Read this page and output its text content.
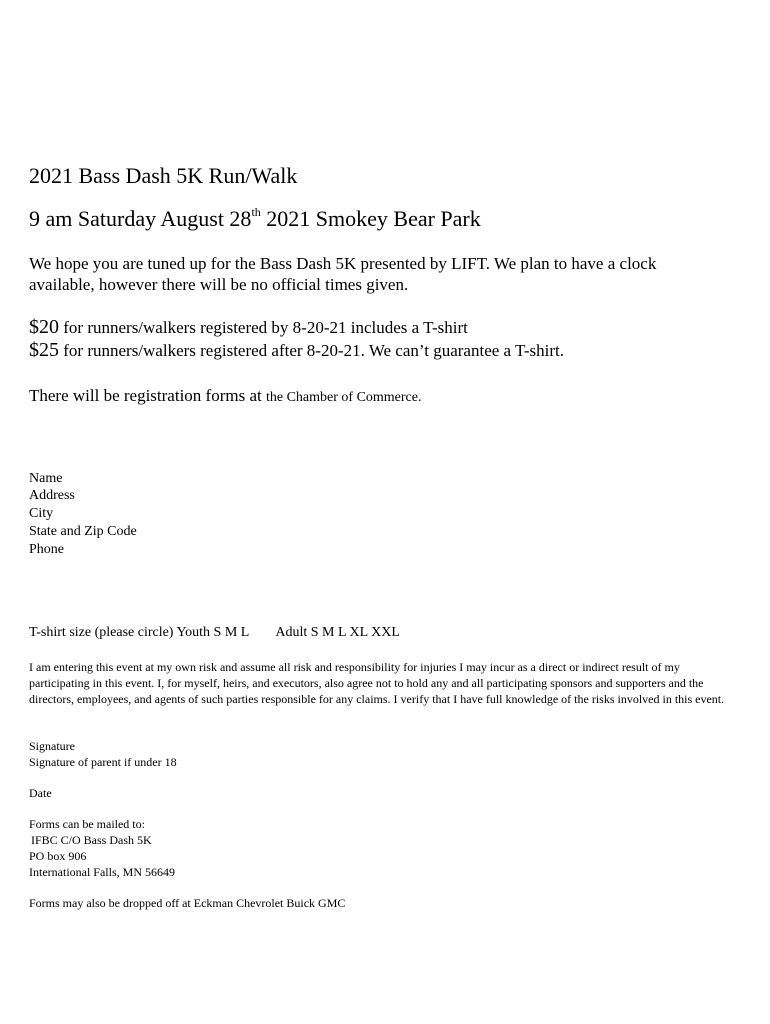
2021 Bass Dash 5K Run/Walk
9 am Saturday August 28th 2021 Smokey Bear Park
We hope you are tuned up for the Bass Dash 5K presented by LIFT. We plan to have a clock available, however there will be no official times given.
$20 for runners/walkers registered by 8-20-21 includes a T-shirt
$25 for runners/walkers registered after 8-20-21. We can’t guarantee a T-shirt.
There will be registration forms at the Chamber of Commerce.
Name
Address
City
State and Zip Code
Phone
T-shirt size (please circle) Youth S M L Adult S M L XL XXL
I am entering this event at my own risk and assume all risk and responsibility for injuries I may incur as a direct or indirect result of my participating in this event. I, for myself, heirs, and executors, also agree not to hold any and all participating sponsors and supporters and the directors, employees, and agents of such parties responsible for any claims. I verify that I have full knowledge of the risks involved in this event.
Signature
Signature of parent if under 18
Date
Forms can be mailed to:
IFBC C/O Bass Dash 5K
PO box 906
International Falls, MN 56649
Forms may also be dropped off at Eckman Chevrolet Buick GMC
